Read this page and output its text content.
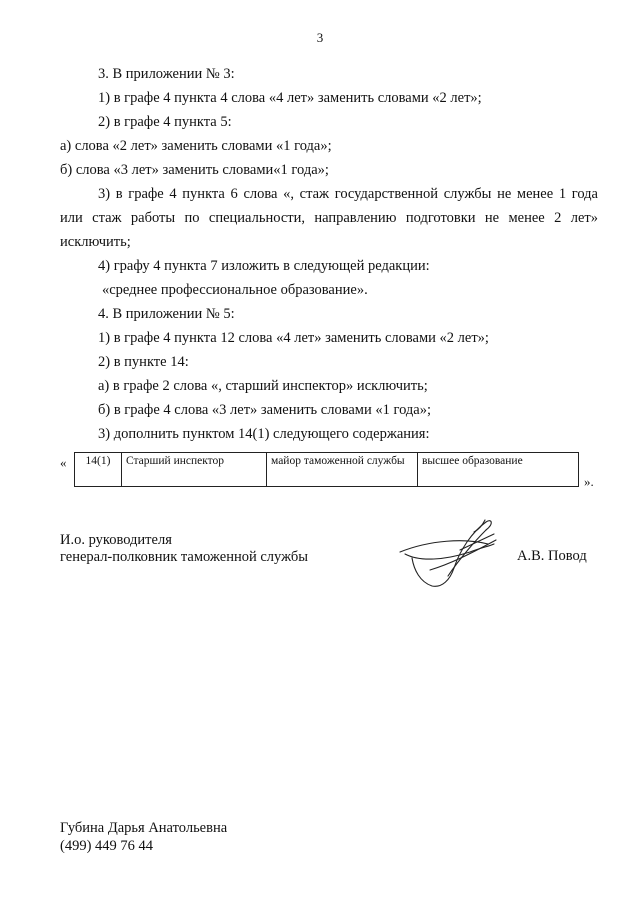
3
3. В приложении № 3:
1) в графе 4 пункта 4 слова «4 лет» заменить словами «2 лет»;
2) в графе 4 пункта 5:
а) слова «2 лет» заменить словами «1 года»;
б) слова «3 лет» заменить словами«1 года»;
3) в графе 4 пункта 6 слова «, стаж государственной службы не менее 1 года
или стаж работы по специальности, направлению подготовки не менее 2 лет»
исключить;
4) графу 4 пункта 7 изложить в следующей редакции:
«среднее профессиональное образование».
4. В приложении № 5:
1) в графе 4 пункта 12 слова «4 лет» заменить словами «2 лет»;
2) в пункте 14:
а) в графе 2 слова «, старший инспектор» исключить;
б) в графе 4 слова «3 лет» заменить словами «1 года»;
3) дополнить пунктом 14(1) следующего содержания:
« 14(1)	Старший инспектор	майор таможенной службы	высшее образование
».
И.о. руководителя
генерал-полковник таможенной службы	А.В. Повод
Губина Дарья Анатольевна
(499) 449 76 44
